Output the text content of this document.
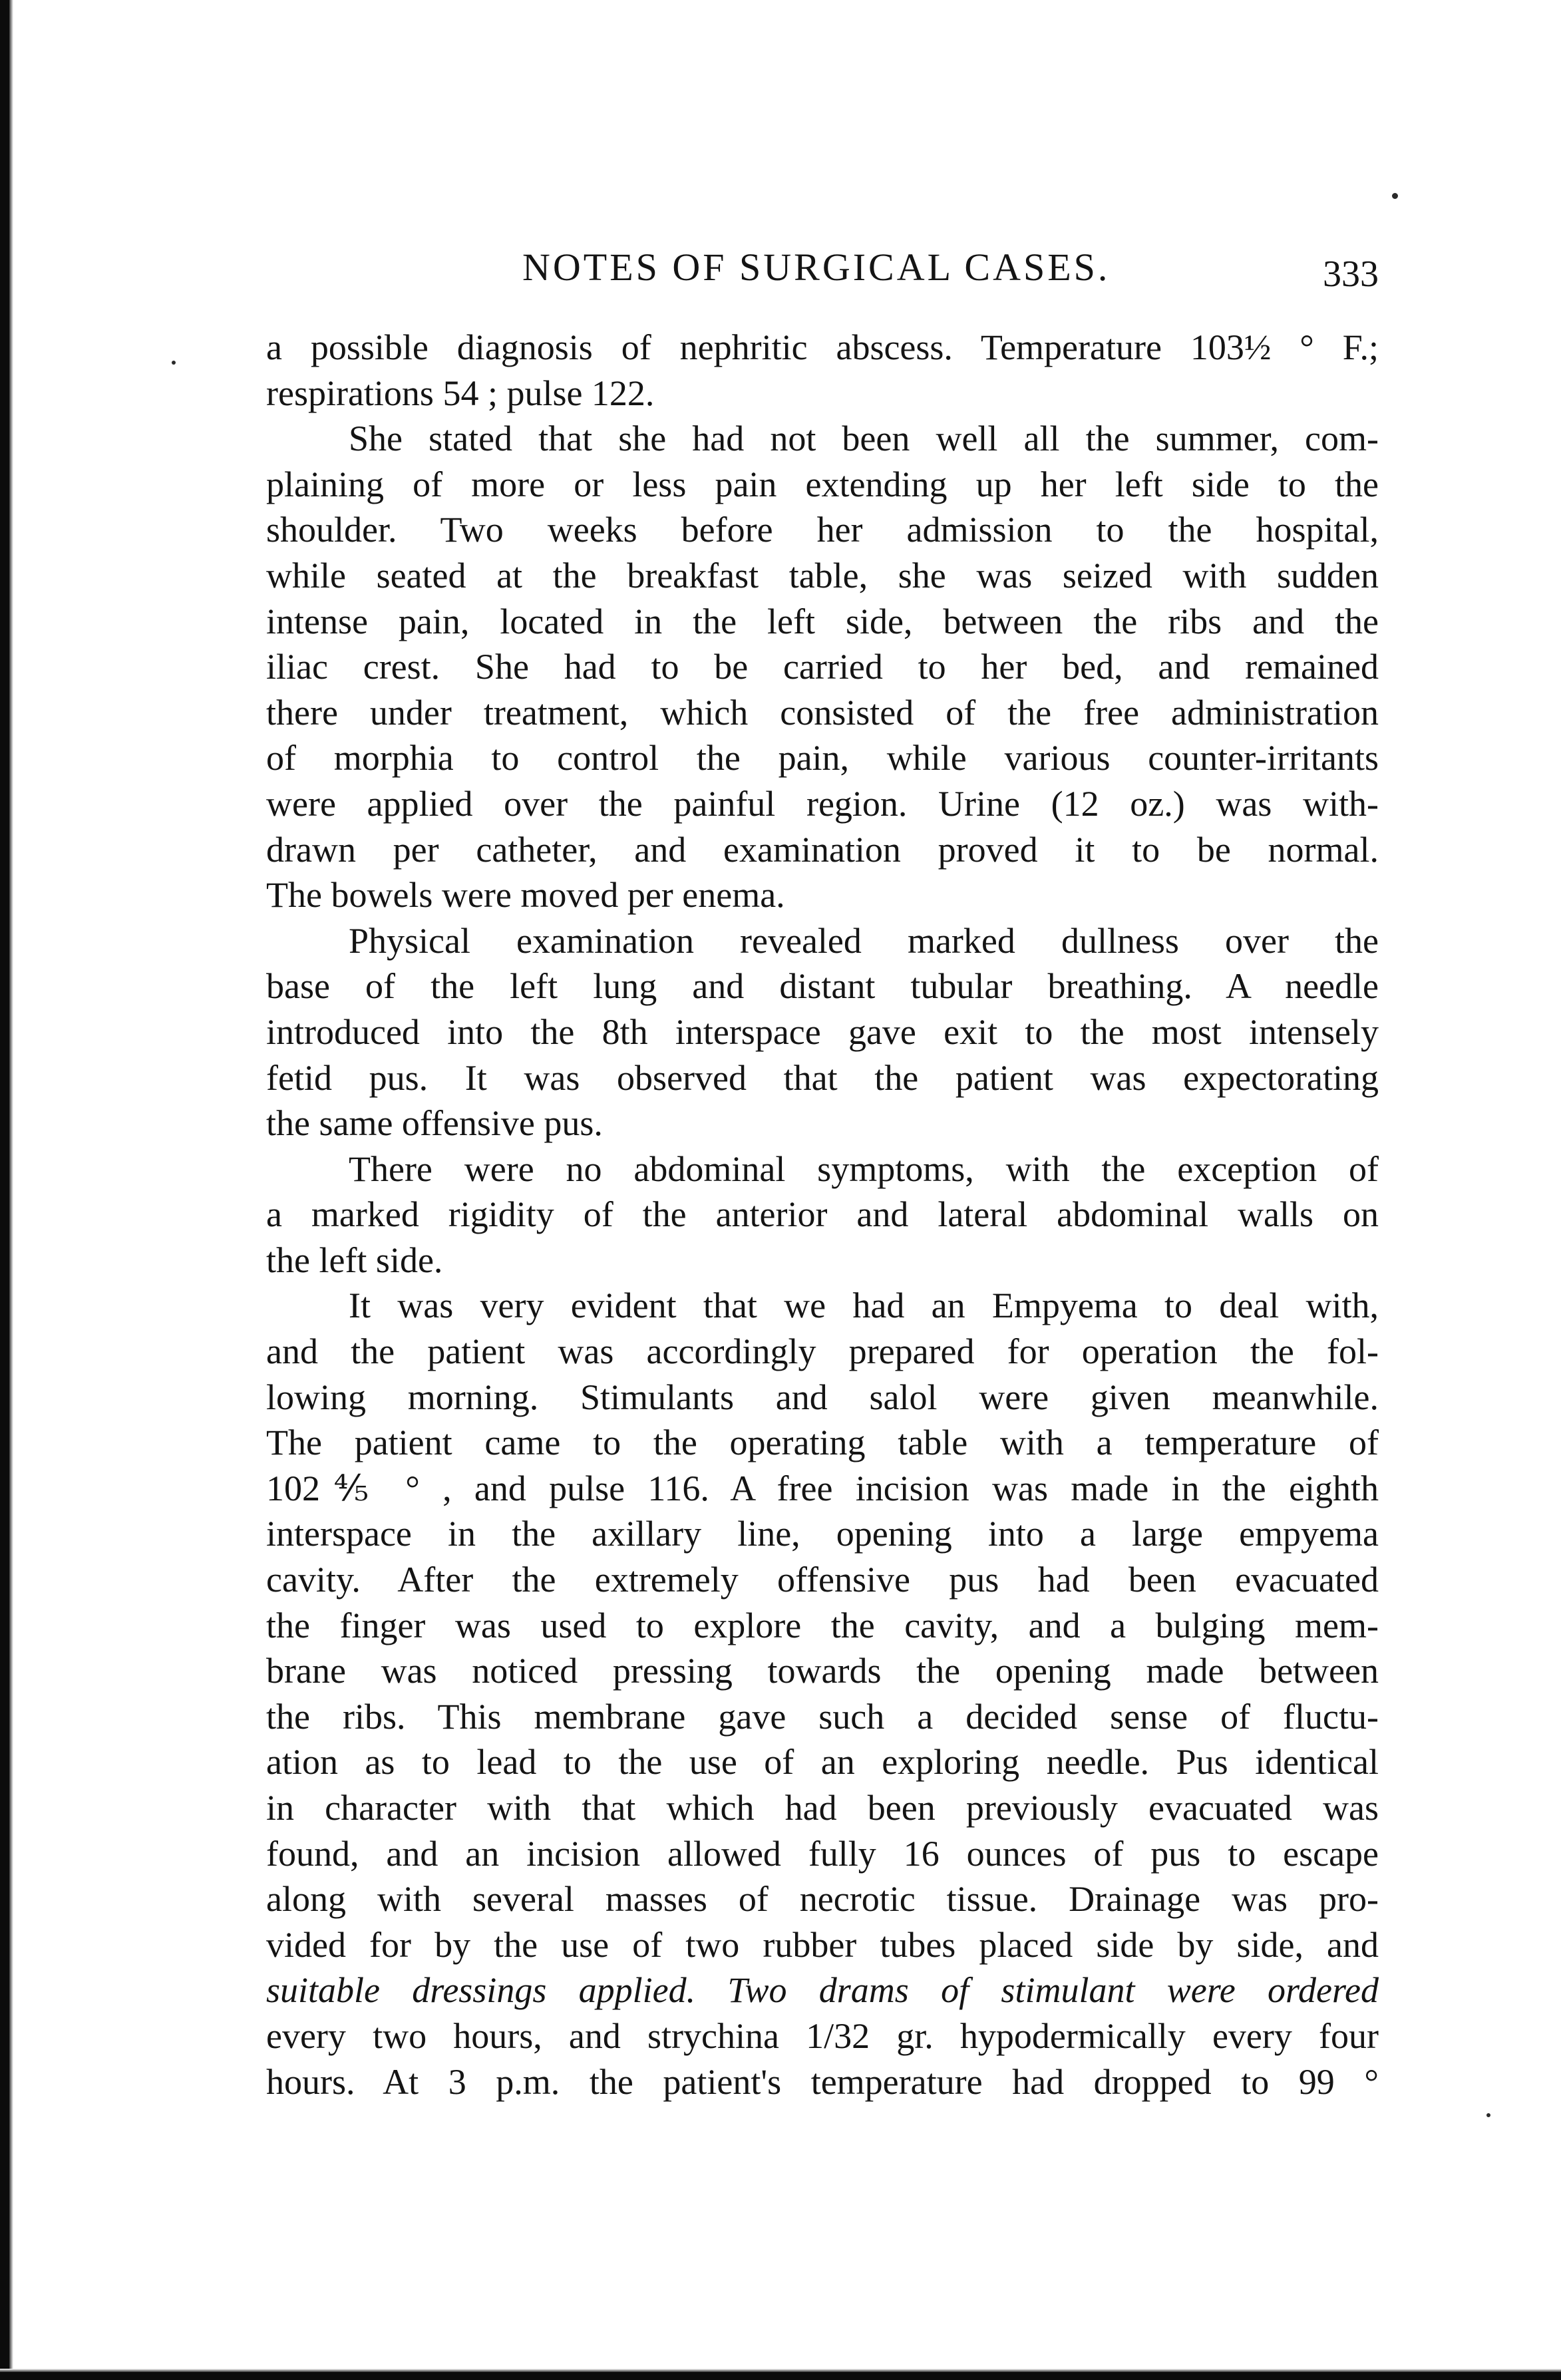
NOTES OF SURGICAL CASES.	333
a possible diagnosis of nephritic abscess. Temperature 103½ ° F.;
respirations 54 ; pulse 122.
She stated that she had not been well all the summer, com-
plaining of more or less pain extending up her left side to the
shoulder. Two weeks before her admission to the hospital,
while seated at the breakfast table, she was seized with sudden
intense pain, located in the left side, between the ribs and the
iliac crest. She had to be carried to her bed, and remained
there under treatment, which consisted of the free administration
of morphia to control the pain, while various counter-irritants
were applied over the painful region. Urine (12 oz.) was with-
drawn per catheter, and examination proved it to be normal.
The bowels were moved per enema.
Physical examination revealed marked dullness over the
base of the left lung and distant tubular breathing. A needle
introduced into the 8th interspace gave exit to the most intensely
fetid pus. It was observed that the patient was expectorating
the same offensive pus.
There were no abdominal symptoms, with the exception of
a marked rigidity of the anterior and lateral abdominal walls on
the left side.
It was very evident that we had an Empyema to deal with,
and the patient was accordingly prepared for operation the fol-
lowing morning. Stimulants and salol were given meanwhile.
The patient came to the operating table with a temperature of
102⅘ ° , and pulse 116. A free incision was made in the eighth
interspace in the axillary line, opening into a large empyema
cavity. After the extremely offensive pus had been evacuated
the finger was used to explore the cavity, and a bulging mem-
brane was noticed pressing towards the opening made between
the ribs. This membrane gave such a decided sense of fluctu-
ation as to lead to the use of an exploring needle. Pus identical
in character with that which had been previously evacuated was
found, and an incision allowed fully 16 ounces of pus to escape
along with several masses of necrotic tissue. Drainage was pro-
vided for by the use of two rubber tubes placed side by side, and
suitable dressings applied. Two drams of stimulant were ordered
every two hours, and strychina 1/32 gr. hypodermically every four
hours. At 3 p.m. the patient's temperature had dropped to 99 °
